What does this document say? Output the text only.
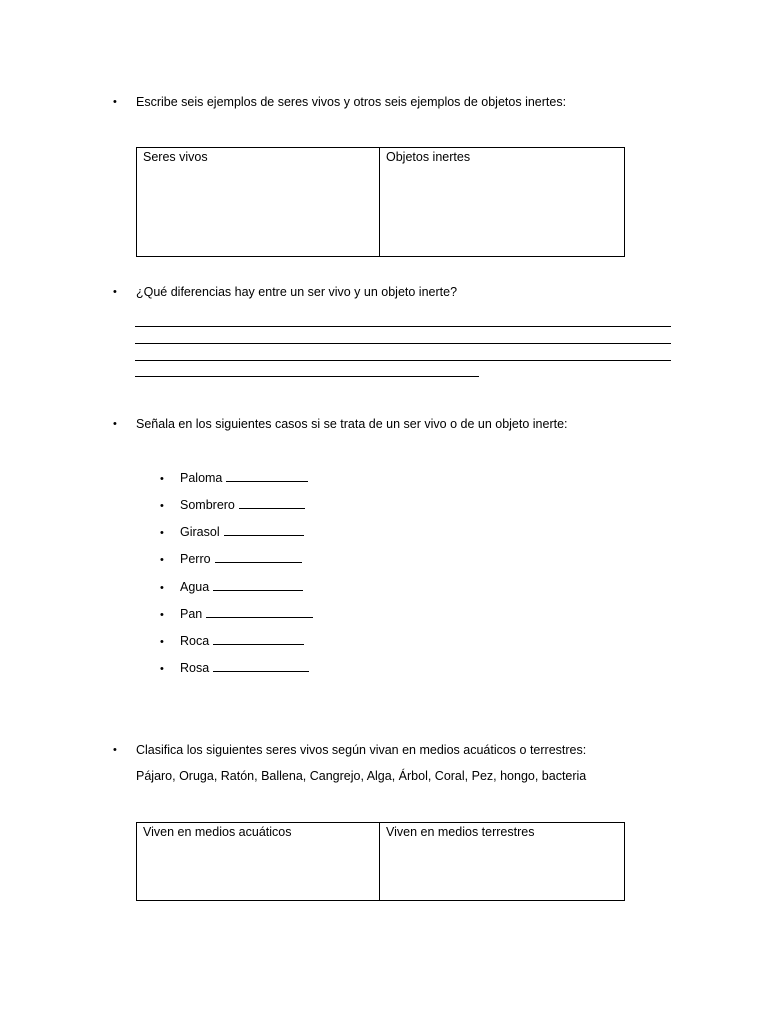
• Escribe seis ejemplos de seres vivos y otros seis ejemplos de objetos inertes:
Seres vivos	Objetos inertes
• ¿Qué diferencias hay entre un ser vivo y un objeto inerte?
• Señala en los siguientes casos si se trata de un ser vivo o de un objeto inerte:
• Paloma
• Sombrero
• Girasol
• Perro
• Agua
• Pan
• Roca
• Rosa
• Clasifica los siguientes seres vivos según vivan en medios acuáticos o terrestres:
Pájaro, Oruga, Ratón, Ballena, Cangrejo, Alga, Árbol, Coral, Pez, hongo, bacteria
Viven en medios acuáticos	Viven en medios terrestres
